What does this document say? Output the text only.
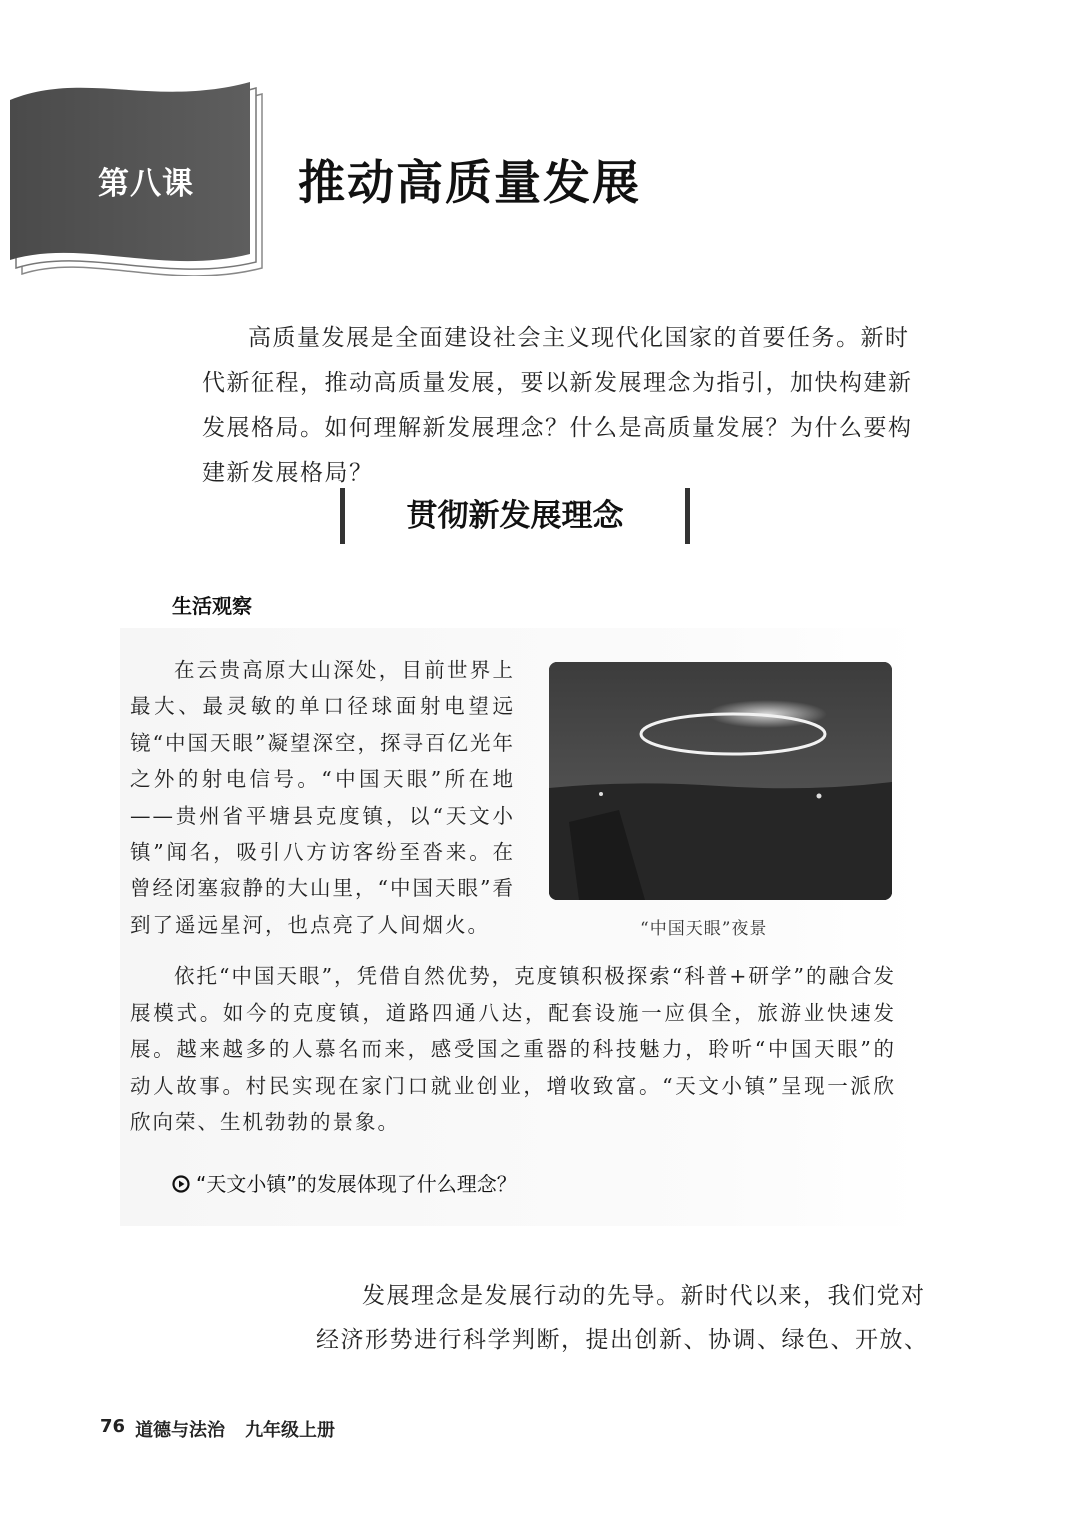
第八课	推动高质量发展

高质量发展是全面建设社会主义现代化国家的首要任务。新时代新征程，推动高质量发展，要以新发展理念为指引，加快构建新发展格局。如何理解新发展理念？什么是高质量发展？为什么要构建新发展格局？

贯彻新发展理念
生活观察

在云贵高原大山深处，目前世界上最大、最灵敏的单口径球面射电望远镜“中国天眼”凝望深空，探寻百亿光年之外的射电信号。“中国天眼”所在地——贵州省平塘县克度镇，以“天文小镇”闻名，吸引八方访客纷至沓来。在曾经闭塞寂静的大山里，“中国天眼”看到了遥远星河，也点亮了人间烟火。	“中国天眼”夜景

依托“中国天眼”，凭借自然优势，克度镇积极探索“科普+研学”的融合发展模式。如今的克度镇，道路四通八达，配套设施一应俱全，旅游业快速发展。越来越多的人慕名而来，感受国之重器的科技魅力，聆听“中国天眼”的动人故事。村民实现在家门口就业创业，增收致富。“天文小镇”呈现一派欣欣向荣、生机勃勃的景象。

“天文小镇”的发展体现了什么理念？

发展理念是发展行动的先导。新时代以来，我们党对经济形势进行科学判断，提出创新、协调、绿色、开放、

76 道德与法治 九年级上册
